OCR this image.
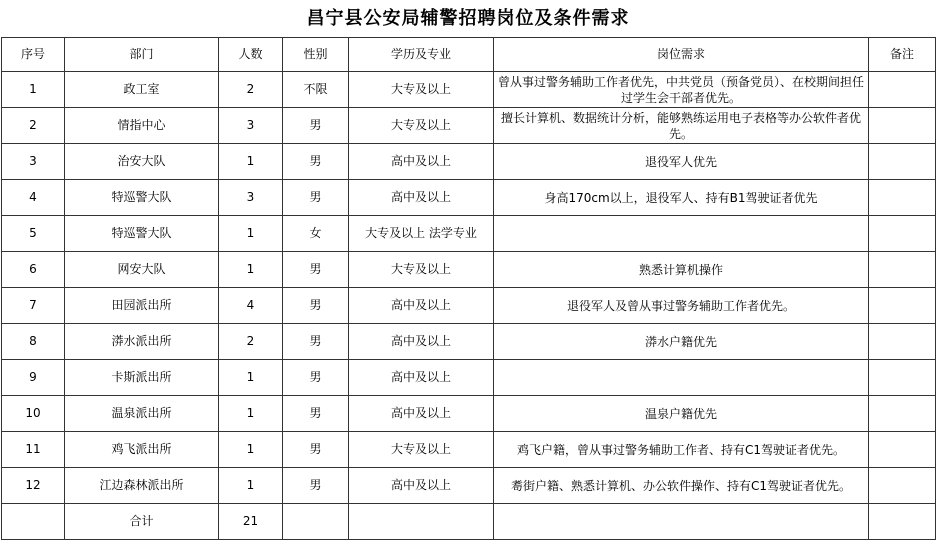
昌宁县公安局辅警招聘岗位及条件需求
序号	部门	人数	性别	学历及专业	岗位需求	备注
1	政工室	2	不限	大专及以上	曾从事过警务辅助工作者优先，中共党员（预备党员）、在校期间担任过学生会干部者优先。	
2	情指中心	3	男	大专及以上	擅长计算机、数据统计分析，能够熟练运用电子表格等办公软件者优先。	
3	治安大队	1	男	高中及以上	退役军人优先	
4	特巡警大队	3	男	高中及以上	身高170cm以上，退役军人、持有B1驾驶证者优先	
5	特巡警大队	1	女	大专及以上 法学专业		
6	网安大队	1	男	大专及以上	熟悉计算机操作	
7	田园派出所	4	男	高中及以上	退役军人及曾从事过警务辅助工作者优先。	
8	漭水派出所	2	男	高中及以上	漭水户籍优先	
9	卡斯派出所	1	男	高中及以上		
10	温泉派出所	1	男	高中及以上	温泉户籍优先	
11	鸡飞派出所	1	男	大专及以上	鸡飞户籍，曾从事过警务辅助工作者、持有C1驾驶证者优先。	
12	江边森林派出所	1	男	高中及以上	耈街户籍、熟悉计算机、办公软件操作、持有C1驾驶证者优先。	
	合计	21				
